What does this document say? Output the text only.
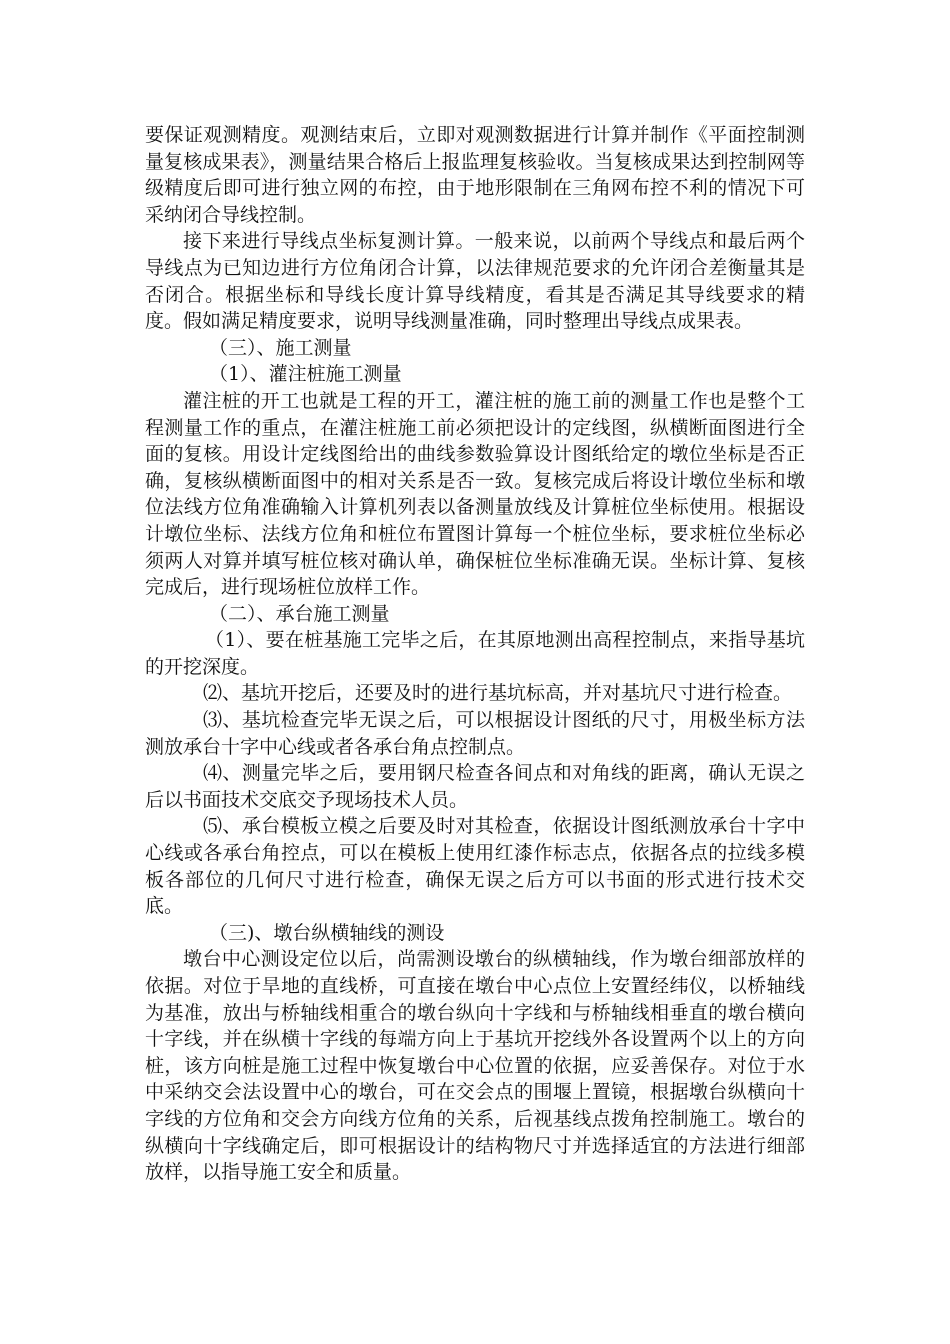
要保证观测精度。观测结束后，立即对观测数据进行计算并制作《平面控制测量复核成果表》，测量结果合格后上报监理复核验收。当复核成果达到控制网等级精度后即可进行独立网的布控，由于地形限制在三角网布控不利的情况下可采纳闭合导线控制。

接下来进行导线点坐标复测计算。一般来说，以前两个导线点和最后两个导线点为已知边进行方位角闭合计算，以法律规范要求的允许闭合差衡量其是否闭合。根据坐标和导线长度计算导线精度，看其是否满足其导线要求的精度。假如满足精度要求，说明导线测量准确，同时整理出导线点成果表。

（三）、施工测量

（1）、灌注桩施工测量

灌注桩的开工也就是工程的开工，灌注桩的施工前的测量工作也是整个工程测量工作的重点，在灌注桩施工前必须把设计的定线图，纵横断面图进行全面的复核。用设计定线图给出的曲线参数验算设计图纸给定的墩位坐标是否正确，复核纵横断面图中的相对关系是否一致。复核完成后将设计墩位坐标和墩位法线方位角准确输入计算机列表以备测量放线及计算桩位坐标使用。根据设计墩位坐标、法线方位角和桩位布置图计算每一个桩位坐标，要求桩位坐标必须两人对算并填写桩位核对确认单，确保桩位坐标准确无误。坐标计算、复核完成后，进行现场桩位放样工作。

（二）、承台施工测量

（1）、要在桩基施工完毕之后，在其原地测出高程控制点，来指导基坑的开挖深度。

⑵、基坑开挖后，还要及时的进行基坑标高，并对基坑尺寸进行检查。

⑶、基坑检查完毕无误之后，可以根据设计图纸的尺寸，用极坐标方法测放承台十字中心线或者各承台角点控制点。

⑷、测量完毕之后，要用钢尺检查各间点和对角线的距离，确认无误之后以书面技术交底交予现场技术人员。

⑸、承台模板立模之后要及时对其检查，依据设计图纸测放承台十字中心线或各承台角控点，可以在模板上使用红漆作标志点，依据各点的拉线多模板各部位的几何尺寸进行检查，确保无误之后方可以书面的形式进行技术交底。

（三)、墩台纵横轴线的测设

墩台中心测设定位以后，尚需测设墩台的纵横轴线，作为墩台细部放样的依据。对位于旱地的直线桥，可直接在墩台中心点位上安置经纬仪，以桥轴线为基准，放出与桥轴线相重合的墩台纵向十字线和与桥轴线相垂直的墩台横向十字线，并在纵横十字线的每端方向上于基坑开挖线外各设置两个以上的方向桩，该方向桩是施工过程中恢复墩台中心位置的依据，应妥善保存。对位于水中采纳交会法设置中心的墩台，可在交会点的围堰上置镜，根据墩台纵横向十字线的方位角和交会方向线方位角的关系，后视基线点拨角控制施工。墩台的纵横向十字线确定后，即可根据设计的结构物尺寸并选择适宜的方法进行细部放样，以指导施工安全和质量。
